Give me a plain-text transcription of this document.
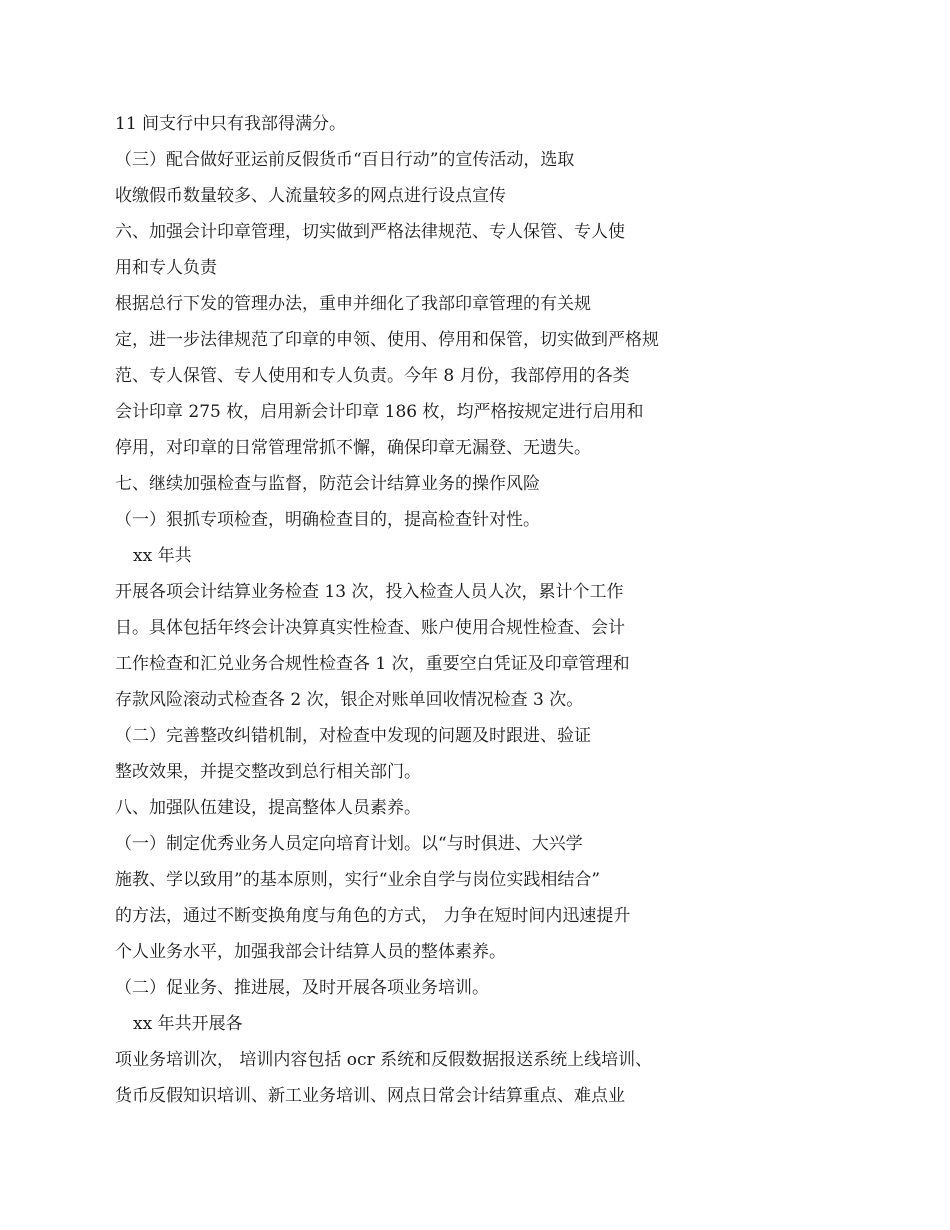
11 间支行中只有我部得满分。
（三）配合做好亚运前反假货币“百日行动”的宣传活动，选取
收缴假币数量较多、人流量较多的网点进行设点宣传
六、加强会计印章管理，切实做到严格法律规范、专人保管、专人使
用和专人负责
根据总行下发的管理办法，重申并细化了我部印章管理的有关规
定，进一步法律规范了印章的申领、使用、停用和保管，切实做到严格规
范、专人保管、专人使用和专人负责。今年 8 月份，我部停用的各类
会计印章 275 枚，启用新会计印章 186 枚，均严格按规定进行启用和
停用，对印章的日常管理常抓不懈，确保印章无漏登、无遗失。
七、继续加强检查与监督，防范会计结算业务的操作风险
（一）狠抓专项检查，明确检查目的，提高检查针对性。
xx 年共
开展各项会计结算业务检查 13 次，投入检查人员人次，累计个工作
日。具体包括年终会计决算真实性检查、账户使用合规性检查、会计
工作检查和汇兑业务合规性检查各 1 次，重要空白凭证及印章管理和
存款风险滚动式检查各 2 次，银企对账单回收情况检查 3 次。
（二）完善整改纠错机制，对检查中发现的问题及时跟进、验证
整改效果，并提交整改到总行相关部门。
八、加强队伍建设，提高整体人员素养。
（一）制定优秀业务人员定向培育计划。以“与时俱进、大兴学
施教、学以致用”的基本原则，实行“业余自学与岗位实践相结合”
的方法，通过不断变换角度与角色的方式， 力争在短时间内迅速提升
个人业务水平，加强我部会计结算人员的整体素养。
（二）促业务、推进展，及时开展各项业务培训。
xx 年共开展各
项业务培训次， 培训内容包括 ocr 系统和反假数据报送系统上线培训、
货币反假知识培训、新工业务培训、网点日常会计结算重点、难点业
